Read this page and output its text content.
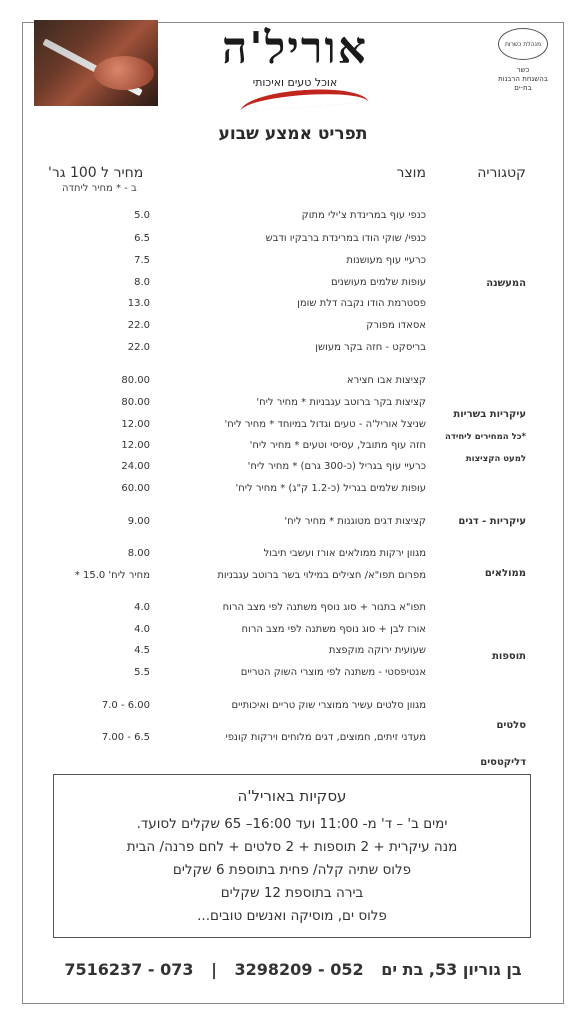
אוריל'ה
אוכל טעים ואיכותי
מנהלת כשרות
כשר
בהשגחת הרבנות
בת-ים
תפריט אמצע שבוע
קטגוריה
מוצר
מחיר ל 100 גר'
ב - * מחיר ליחדה
כנפי עוף במרינדת צ'ילי מתוק
5.0
כנפי/ שוקי הודו במרינדת ברבקיו ודבש
6.5
כרעיי עוף מעושנות
7.5
עופות שלמים מעושנים
8.0
פסטרמת הודו נקבה דלת שומן
13.0
אסאדו מפורק
22.0
בריסקט - חזה בקר מעושן
22.0
קציצות אבו חצירא
80.00
קציצות בקר ברוטב עגבניות * מחיר ליח'
80.00
שניצל אוריל'ה - טעים וגדול במיוחד * מחיר ליח'
12.00
חזה עוף מתובל, עסיסי וטעים * מחיר ליח'
12.00
כרעיי עוף בגריל (כ-300 גרם) * מחיר ליח'
24.00
עופות שלמים בגריל (כ-1.2 ק"ג) * מחיר ליח'
60.00
קציצות דגים מטוגנות * מחיר ליח'
9.00
מגוון ירקות ממולאים אורז ועשבי תיבול
8.00
מפרום תפו"א/ חצילים במילוי בשר ברוטב עגבניות
* מחיר ליח' 15.0
תפו"א בתנור + סוג נוסף משתנה לפי מצב הרוח
4.0
אורז לבן + סוג נוסף משתנה לפי מצב הרוח
4.0
שעועית ירוקה מוקפצת
4.5
אנטיפסטי - משתנה לפי מוצרי השוק הטריים
5.5
מגוון סלטים עשיר ממוצרי שוק טריים ואיכותיים
7.0 - 6.00
מעדני זיתים, חמוצים, דגים מלוחים וירקות קונפי
7.00 - 6.5
המעשנה
עיקריות בשריות
*כל המחירים ליחידה
למעט הקציצות
עיקריות - דגים
ממולאים
תוספות
סלטים
דליקטסים
עסקיות באוריל'ה
ימים ב' – ד' מ- 11:00 ועד 16:00– 65 שקלים לסועד.
מנה עיקרית + 2 תוספות + 2 סלטים + לחם פרנה/ הבית
פלוס שתיה קלה/ פחית בתוספת 6 שקלים
בירה בתוספת 12 שקלים
פלוס ים, מוסיקה ואנשים טובים...
בן גוריון 53, בת ים 052 - 3298209 | 073 - 7516237
